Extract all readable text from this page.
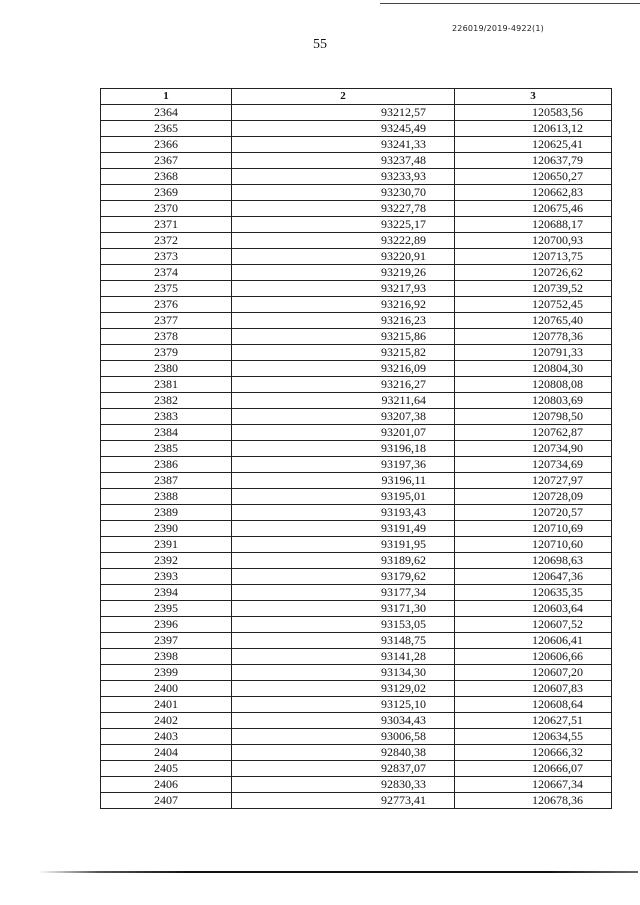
226019/2019-4922(1)
55
1	2	3
2364	93212,57	120583,56
2365	93245,49	120613,12
2366	93241,33	120625,41
2367	93237,48	120637,79
2368	93233,93	120650,27
2369	93230,70	120662,83
2370	93227,78	120675,46
2371	93225,17	120688,17
2372	93222,89	120700,93
2373	93220,91	120713,75
2374	93219,26	120726,62
2375	93217,93	120739,52
2376	93216,92	120752,45
2377	93216,23	120765,40
2378	93215,86	120778,36
2379	93215,82	120791,33
2380	93216,09	120804,30
2381	93216,27	120808,08
2382	93211,64	120803,69
2383	93207,38	120798,50
2384	93201,07	120762,87
2385	93196,18	120734,90
2386	93197,36	120734,69
2387	93196,11	120727,97
2388	93195,01	120728,09
2389	93193,43	120720,57
2390	93191,49	120710,69
2391	93191,95	120710,60
2392	93189,62	120698,63
2393	93179,62	120647,36
2394	93177,34	120635,35
2395	93171,30	120603,64
2396	93153,05	120607,52
2397	93148,75	120606,41
2398	93141,28	120606,66
2399	93134,30	120607,20
2400	93129,02	120607,83
2401	93125,10	120608,64
2402	93034,43	120627,51
2403	93006,58	120634,55
2404	92840,38	120666,32
2405	92837,07	120666,07
2406	92830,33	120667,34
2407	92773,41	120678,36
